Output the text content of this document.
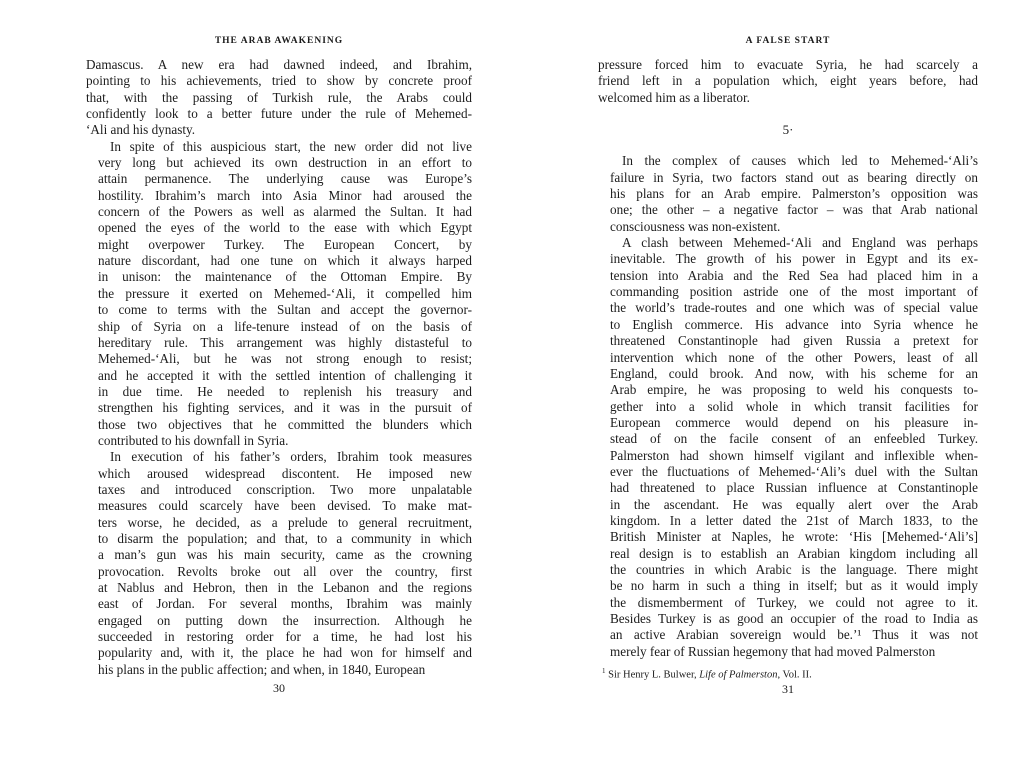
THE ARAB AWAKENING

Damascus. A new era had dawned indeed, and Ibrahim,
pointing to his achievements, tried to show by concrete proof
that, with the passing of Turkish rule, the Arabs could
confidently look to a better future under the rule of Mehemed-
‘Ali and his dynasty.

In spite of this auspicious start, the new order did not live
very long but achieved its own destruction in an effort to
attain permanence. The underlying cause was Europe’s
hostility. Ibrahim’s march into Asia Minor had aroused the
concern of the Powers as well as alarmed the Sultan. It had
opened the eyes of the world to the ease with which Egypt
might overpower Turkey. The European Concert, by
nature discordant, had one tune on which it always harped
in unison: the maintenance of the Ottoman Empire. By
the pressure it exerted on Mehemed-‘Ali, it compelled him
to come to terms with the Sultan and accept the governor-
ship of Syria on a life-tenure instead of on the basis of
hereditary rule. This arrangement was highly distasteful to
Mehemed-‘Ali, but he was not strong enough to resist;
and he accepted it with the settled intention of challenging it
in due time. He needed to replenish his treasury and
strengthen his fighting services, and it was in the pursuit of
those two objectives that he committed the blunders which
contributed to his downfall in Syria.

In execution of his father’s orders, Ibrahim took measures
which aroused widespread discontent. He imposed new
taxes and introduced conscription. Two more unpalatable
measures could scarcely have been devised. To make mat-
ters worse, he decided, as a prelude to general recruitment,
to disarm the population; and that, to a community in which
a man’s gun was his main security, came as the crowning
provocation. Revolts broke out all over the country, first
at Nablus and Hebron, then in the Lebanon and the regions
east of Jordan. For several months, Ibrahim was mainly
engaged on putting down the insurrection. Although he
succeeded in restoring order for a time, he had lost his
popularity and, with it, the place he had won for himself and
his plans in the public affection; and when, in 1840, European

30
A FALSE START

pressure forced him to evacuate Syria, he had scarcely a
friend left in a population which, eight years before, had
welcomed him as a liberator.

5·

In the complex of causes which led to Mehemed-‘Ali’s
failure in Syria, two factors stand out as bearing directly on
his plans for an Arab empire. Palmerston’s opposition was
one; the other – a negative factor – was that Arab national
consciousness was non-existent.

A clash between Mehemed-‘Ali and England was perhaps
inevitable. The growth of his power in Egypt and its ex-
tension into Arabia and the Red Sea had placed him in a
commanding position astride one of the most important of
the world’s trade-routes and one which was of special value
to English commerce. His advance into Syria whence he
threatened Constantinople had given Russia a pretext for
intervention which none of the other Powers, least of all
England, could brook. And now, with his scheme for an
Arab empire, he was proposing to weld his conquests to-
gether into a solid whole in which transit facilities for
European commerce would depend on his pleasure in-
stead of on the facile consent of an enfeebled Turkey.
Palmerston had shown himself vigilant and inflexible when-
ever the fluctuations of Mehemed-‘Ali’s duel with the Sultan
had threatened to place Russian influence at Constantinople
in the ascendant. He was equally alert over the Arab
kingdom. In a letter dated the 21st of March 1833, to the
British Minister at Naples, he wrote: ‘His [Mehemed-‘Ali’s]
real design is to establish an Arabian kingdom including all
the countries in which Arabic is the language. There might
be no harm in such a thing in itself; but as it would imply
the dismemberment of Turkey, we could not agree to it.
Besides Turkey is as good an occupier of the road to India as
an active Arabian sovereign would be.’¹ Thus it was not
merely fear of Russian hegemony that had moved Palmerston

$^1$ Sir Henry L. Bulwer, Life of Palmerston, Vol. II.
31
